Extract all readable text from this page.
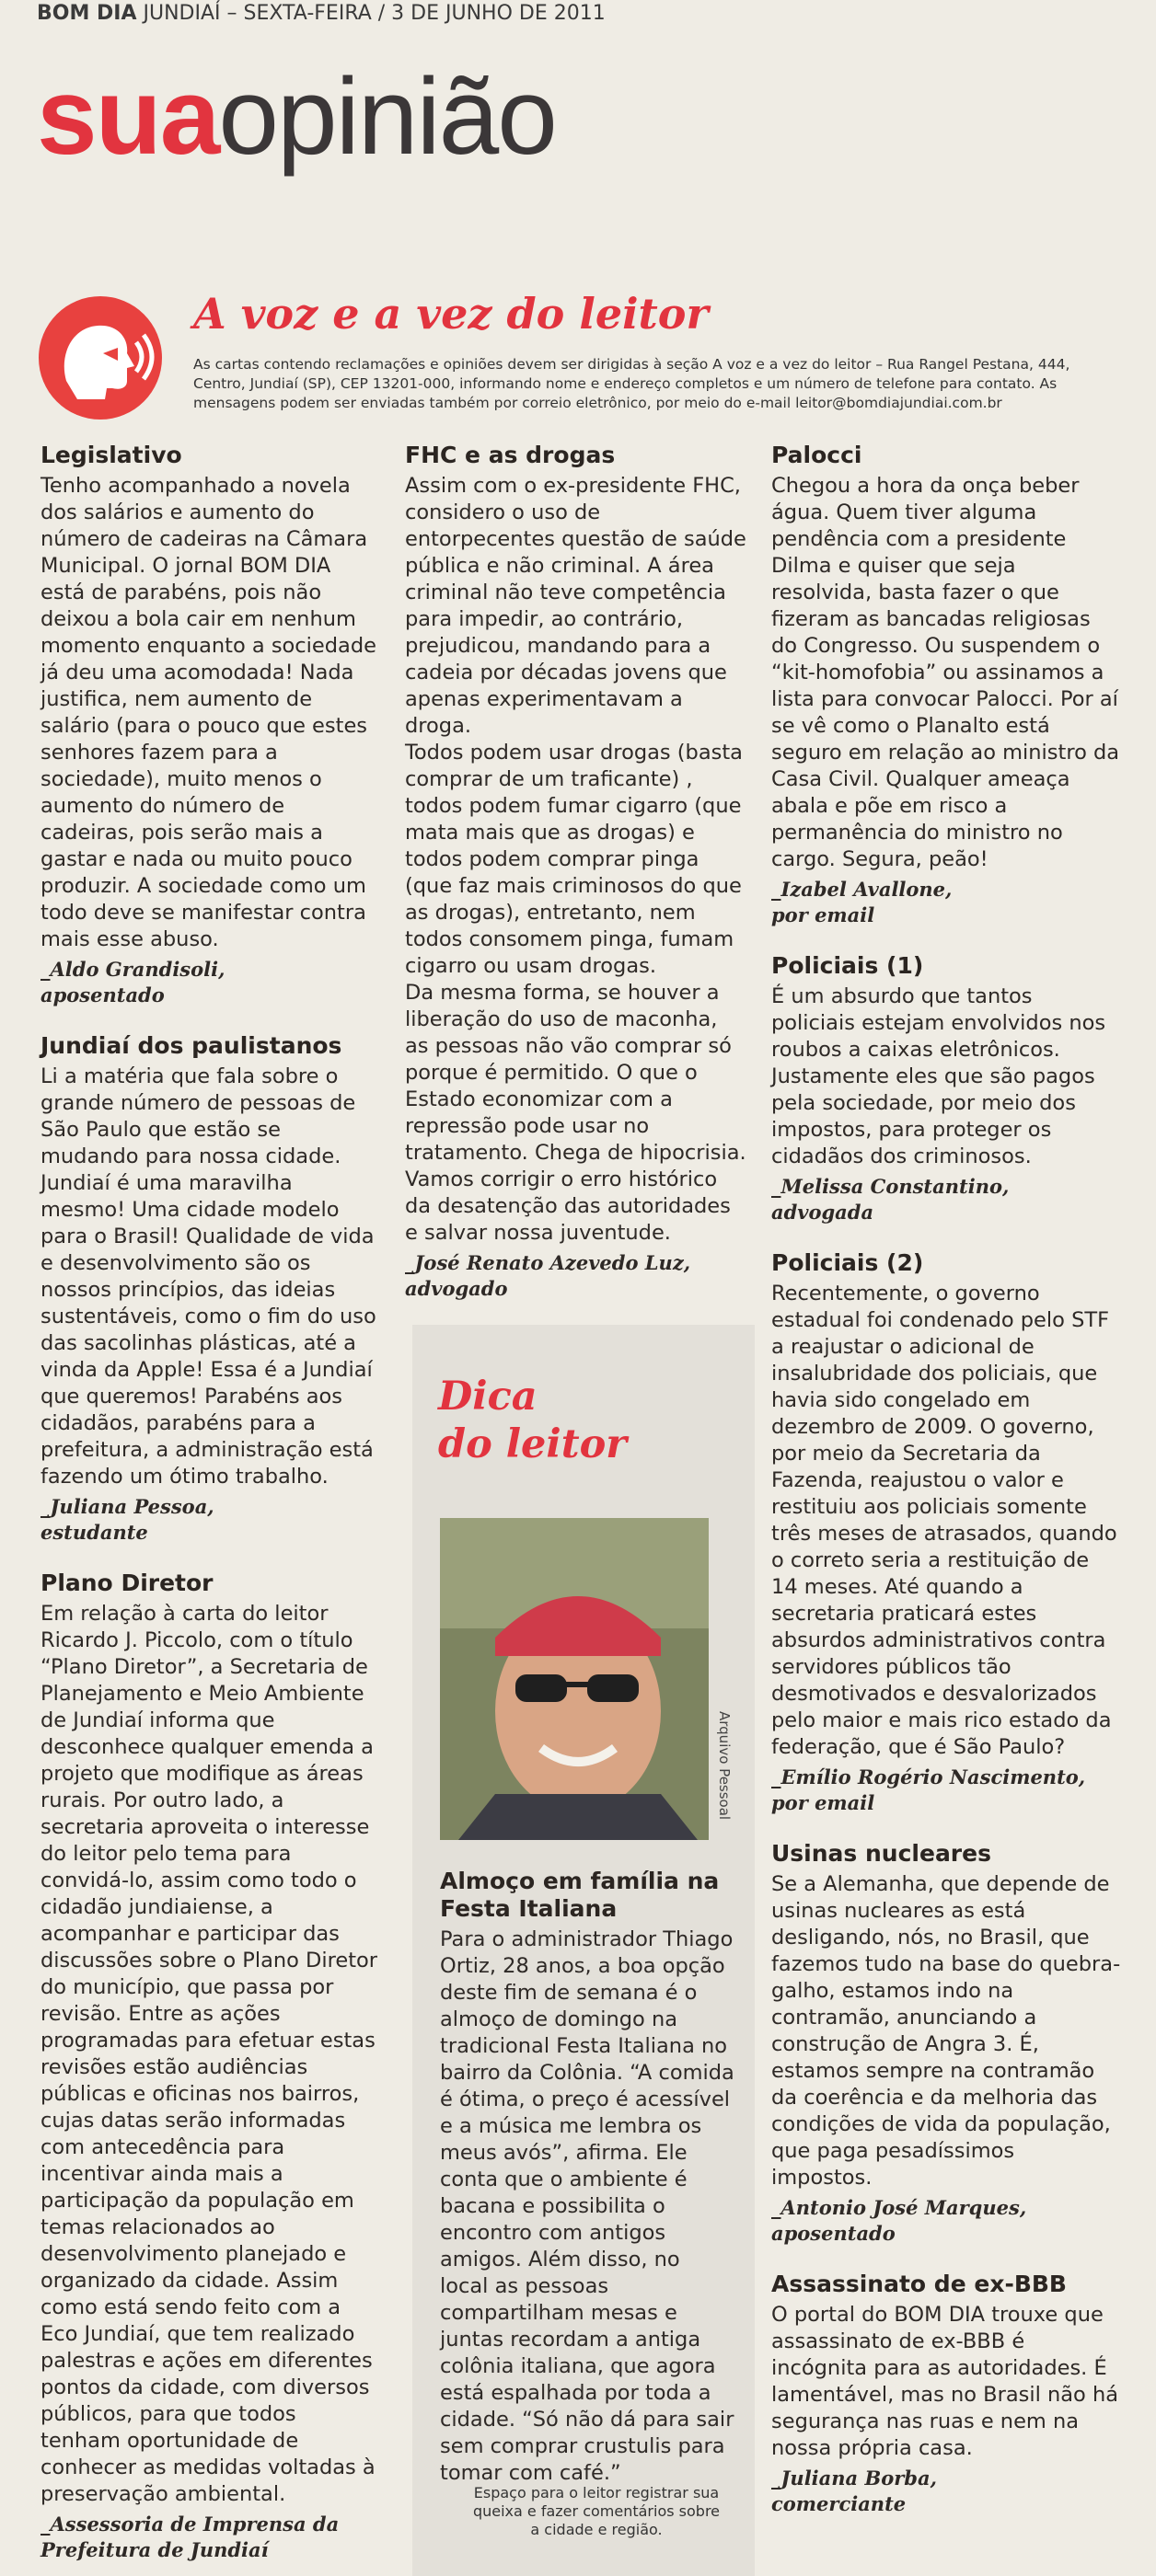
BOM DIA JUNDIAÍ – SEXTA-FEIRA / 3 DE JUNHO DE 2011
suaopinião
A voz e a vez do leitor
As cartas contendo reclamações e opiniões devem ser dirigidas à seção A voz e a vez do leitor – Rua Rangel Pestana, 444, Centro, Jundiaí (SP), CEP 13201-000, informando nome e endereço completos e um número de telefone para contato. As mensagens podem ser enviadas também por correio eletrônico, por meio do e-mail leitor@bomdiajundiai.com.br
Legislativo
Tenho acompanhado a novela dos salários e aumento do número de cadeiras na Câmara Municipal. O jornal BOM DIA está de parabéns, pois não deixou a bola cair em nenhum momento enquanto a sociedade já deu uma acomodada! Nada justifica, nem aumento de salário (para o pouco que estes senhores fazem para a sociedade), muito menos o aumento do número de cadeiras, pois serão mais a gastar e nada ou muito pouco produzir. A sociedade como um todo deve se manifestar contra mais esse abuso.
_Aldo Grandisoli,
aposentado
Jundiaí dos paulistanos
Li a matéria que fala sobre o grande número de pessoas de São Paulo que estão se mudando para nossa cidade. Jundiaí é uma maravilha mesmo! Uma cidade modelo para o Brasil! Qualidade de vida e desenvolvimento são os nossos princípios, das ideias sustentáveis, como o fim do uso das sacolinhas plásticas, até a vinda da Apple! Essa é a Jundiaí que queremos! Parabéns aos cidadãos, parabéns para a prefeitura, a administração está fazendo um ótimo trabalho.
_Juliana Pessoa,
estudante
Plano Diretor
Em relação à carta do leitor Ricardo J. Piccolo, com o título “Plano Diretor”, a Secretaria de Planejamento e Meio Ambiente de Jundiaí informa que desconhece qualquer emenda a projeto que modifique as áreas rurais. Por outro lado, a secretaria aproveita o interesse do leitor pelo tema para convidá-lo, assim como todo o cidadão jundiaiense, a acompanhar e participar das discussões sobre o Plano Diretor do município, que passa por revisão. Entre as ações programadas para efetuar estas revisões estão audiências públicas e oficinas nos bairros, cujas datas serão informadas com antecedência para incentivar ainda mais a participação da população em temas relacionados ao desenvolvimento planejado e organizado da cidade. Assim como está sendo feito com a Eco Jundiaí, que tem realizado palestras e ações em diferentes pontos da cidade, com diversos públicos, para que todos tenham oportunidade de conhecer as medidas voltadas à preservação ambiental.
_Assessoria de Imprensa da
Prefeitura de Jundiaí
FHC e as drogas
Assim com o ex-presidente FHC, considero o uso de entorpecentes questão de saúde pública e não criminal. A área criminal não teve competência para impedir, ao contrário, prejudicou, mandando para a cadeia por décadas jovens que apenas experimentavam a droga.
Todos podem usar drogas (basta comprar de um traficante) , todos podem fumar cigarro (que mata mais que as drogas) e todos podem comprar pinga (que faz mais criminosos do que as drogas), entretanto, nem todos consomem pinga, fumam cigarro ou usam drogas.
Da mesma forma, se houver a liberação do uso de maconha, as pessoas não vão comprar só porque é permitido. O que o Estado economizar com a repressão pode usar no tratamento. Chega de hipocrisia. Vamos corrigir o erro histórico da desatenção das autoridades e salvar nossa juventude.
_José Renato Azevedo Luz,
advogado
Dica
do leitor
Arquivo Pessoal
Almoço em família na Festa Italiana
Para o administrador Thiago Ortiz, 28 anos, a boa opção deste fim de semana é o almoço de domingo na tradicional Festa Italiana no bairro da Colônia. “A comida é ótima, o preço é acessível e a música me lembra os meus avós”, afirma. Ele conta que o ambiente é bacana e possibilita o encontro com antigos amigos. Além disso, no local as pessoas compartilham mesas e juntas recordam a antiga colônia italiana, que agora está espalhada por toda a cidade. “Só não dá para sair sem comprar crustulis para tomar com café.”
Espaço para o leitor registrar sua queixa e fazer comentários sobre a cidade e região.
Palocci
Chegou a hora da onça beber água. Quem tiver alguma pendência com a presidente Dilma e quiser que seja resolvida, basta fazer o que fizeram as bancadas religiosas do Congresso. Ou suspendem o “kit-homofobia” ou assinamos a lista para convocar Palocci. Por aí se vê como o Planalto está seguro em relação ao ministro da Casa Civil. Qualquer ameaça abala e põe em risco a permanência do ministro no cargo. Segura, peão!
_Izabel Avallone,
por email
Policiais (1)
É um absurdo que tantos policiais estejam envolvidos nos roubos a caixas eletrônicos. Justamente eles que são pagos pela sociedade, por meio dos impostos, para proteger os cidadãos dos criminosos.
_Melissa Constantino,
advogada
Policiais (2)
Recentemente, o governo estadual foi condenado pelo STF a reajustar o adicional de insalubridade dos policiais, que havia sido congelado em dezembro de 2009. O governo, por meio da Secretaria da Fazenda, reajustou o valor e restituiu aos policiais somente três meses de atrasados, quando o correto seria a restituição de 14 meses. Até quando a secretaria praticará estes absurdos administrativos contra servidores públicos tão desmotivados e desvalorizados pelo maior e mais rico estado da federação, que é São Paulo?
_Emílio Rogério Nascimento,
por email
Usinas nucleares
Se a Alemanha, que depende de usinas nucleares as está desligando, nós, no Brasil, que fazemos tudo na base do quebra-galho, estamos indo na contramão, anunciando a construção de Angra 3. É, estamos sempre na contramão da coerência e da melhoria das condições de vida da população, que paga pesadíssimos impostos.
_Antonio José Marques,
aposentado
Assassinato de ex-BBB
O portal do BOM DIA trouxe que assassinato de ex-BBB é incógnita para as autoridades. É lamentável, mas no Brasil não há segurança nas ruas e nem na nossa própria casa.
_Juliana Borba,
comerciante
